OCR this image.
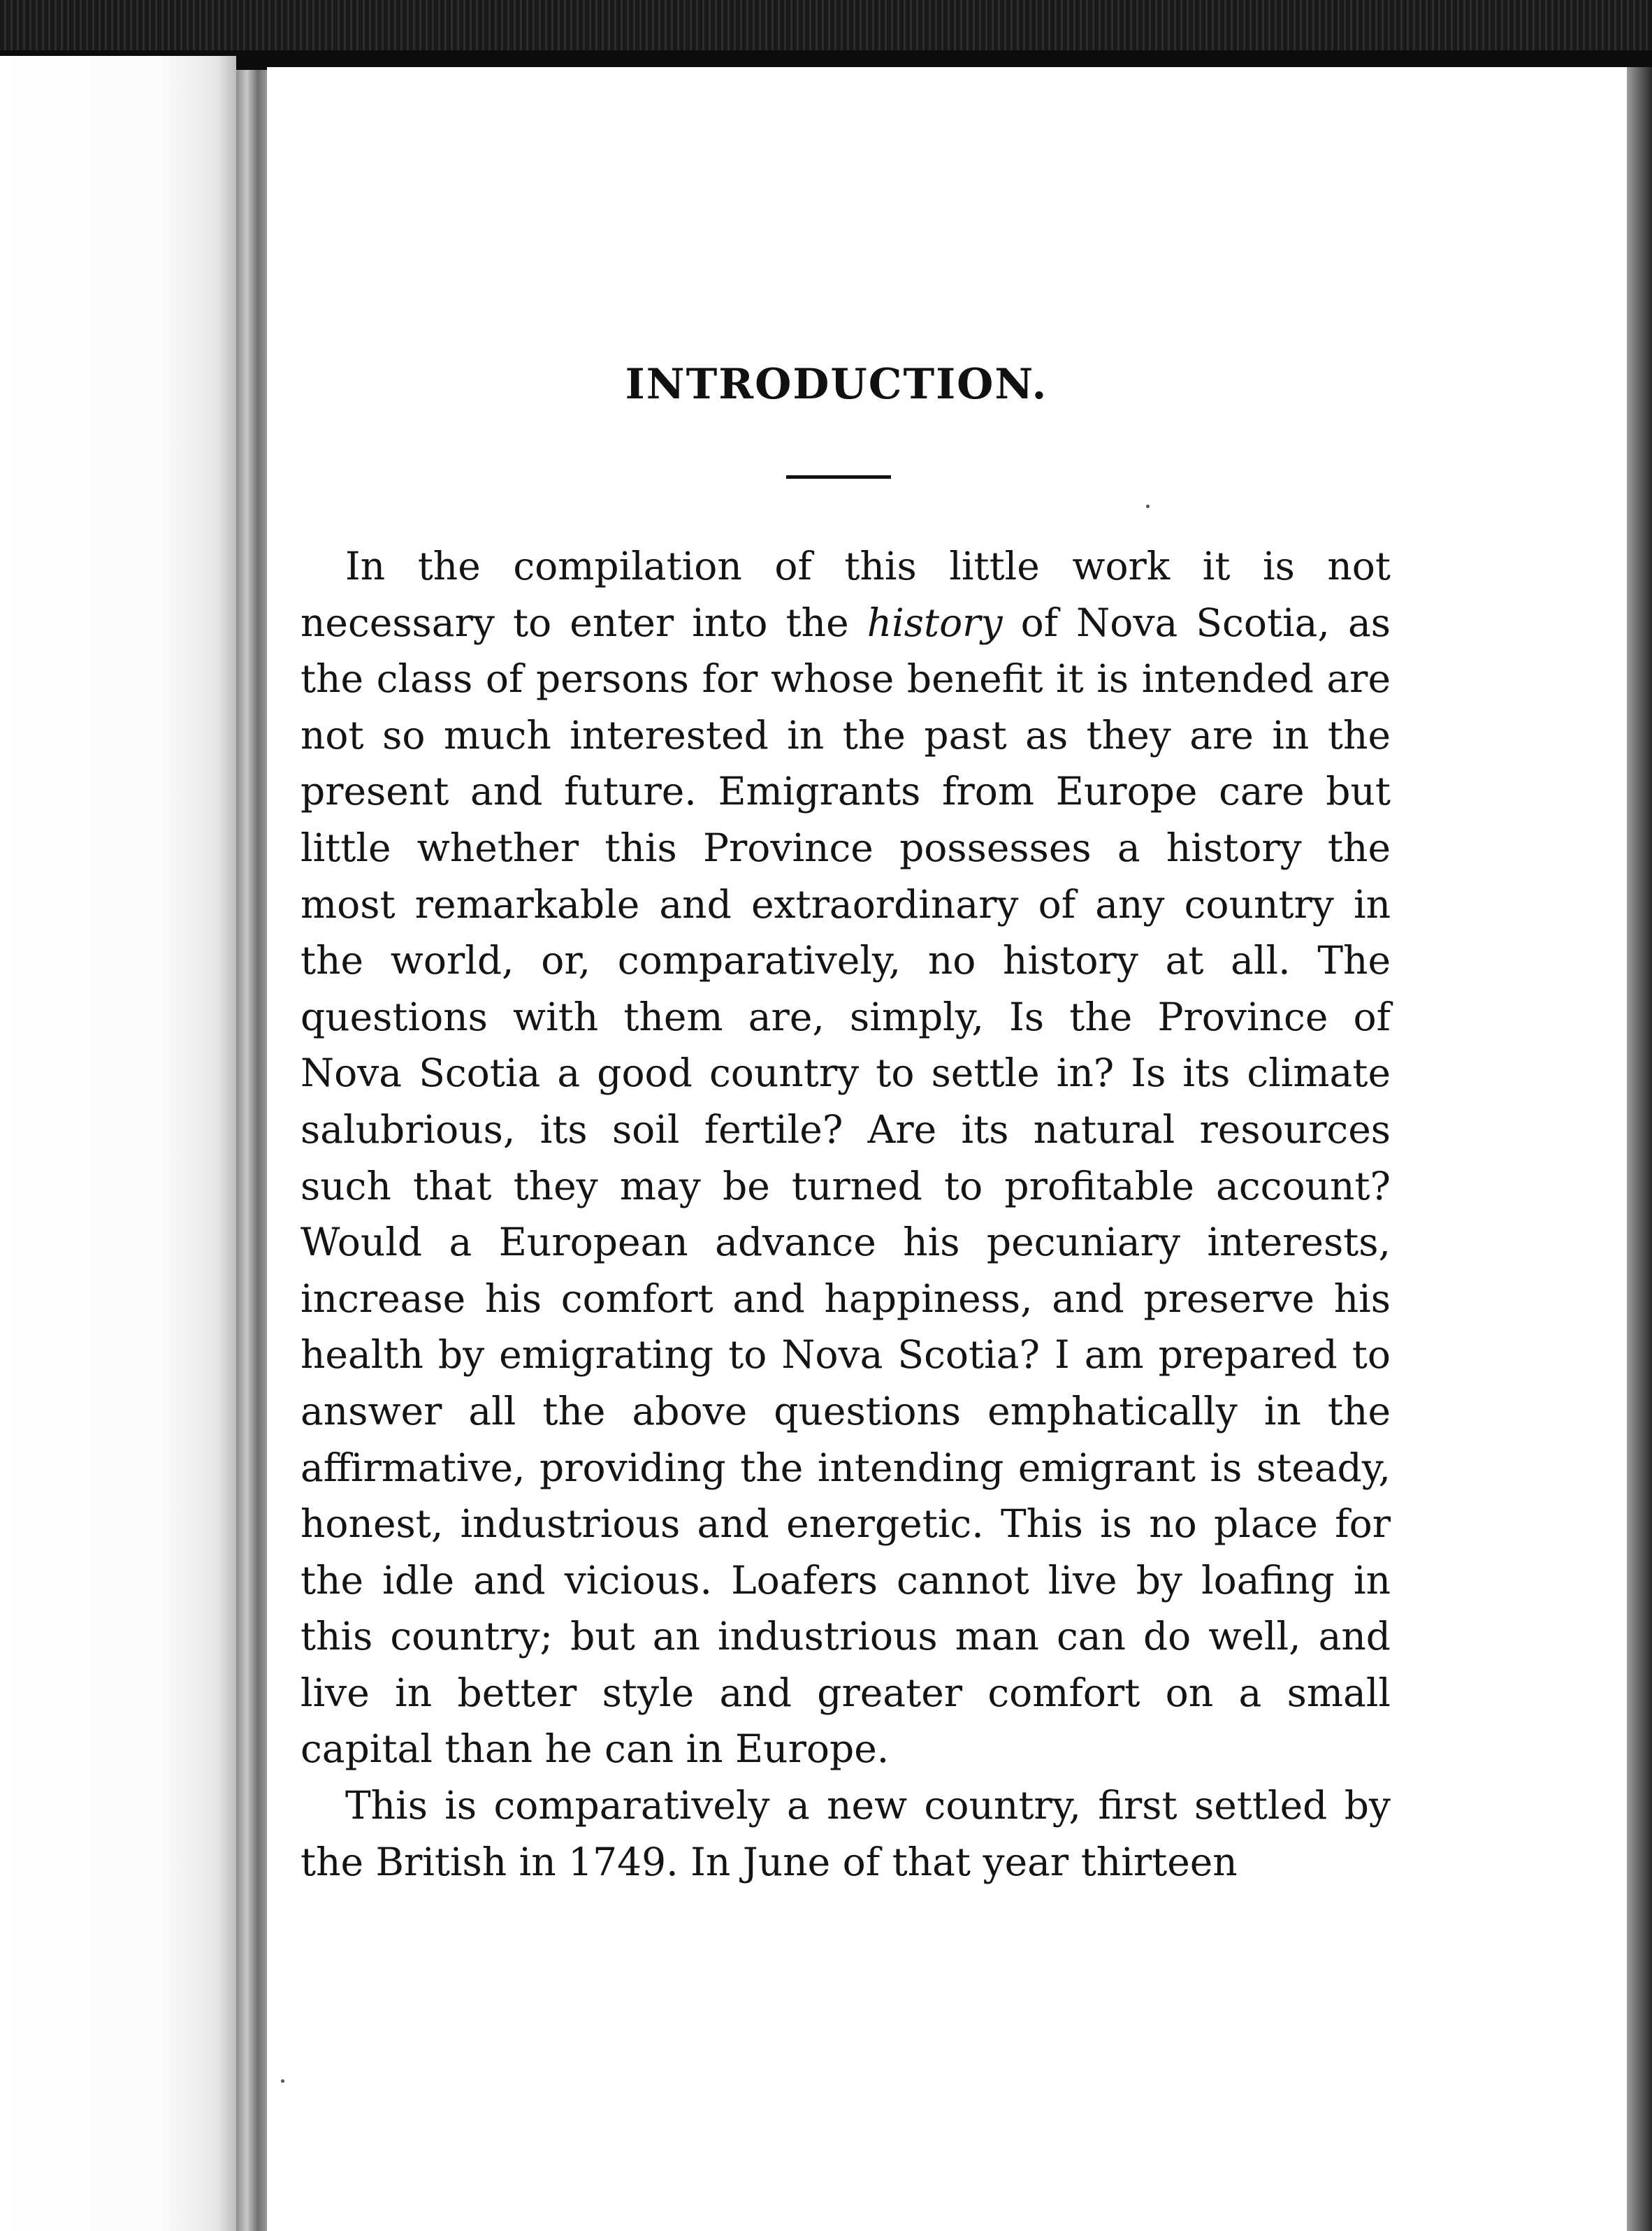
INTRODUCTION.

In the compilation of this little work it is not necessary to enter into the history of Nova Scotia, as the class of persons for whose benefit it is intended are not so much interested in the past as they are in the present and future. Emigrants from Europe care but little whether this Province possesses a history the most remarkable and extraordinary of any country in the world, or, comparatively, no history at all. The questions with them are, simply, Is the Province of Nova Scotia a good country to settle in? Is its climate salubrious, its soil fertile? Are its natural resources such that they may be turned to profitable account? Would a European advance his pecuniary interests, increase his comfort and happiness, and preserve his health by emigrating to Nova Scotia? I am prepared to answer all the above questions emphatically in the affirmative, providing the intending emigrant is steady, honest, industrious and energetic. This is no place for the idle and vicious. Loafers cannot live by loafing in this country; but an industrious man can do well, and live in better style and greater comfort on a small capital than he can in Europe.

This is comparatively a new country, first settled by the British in 1749. In June of that year thirteen
